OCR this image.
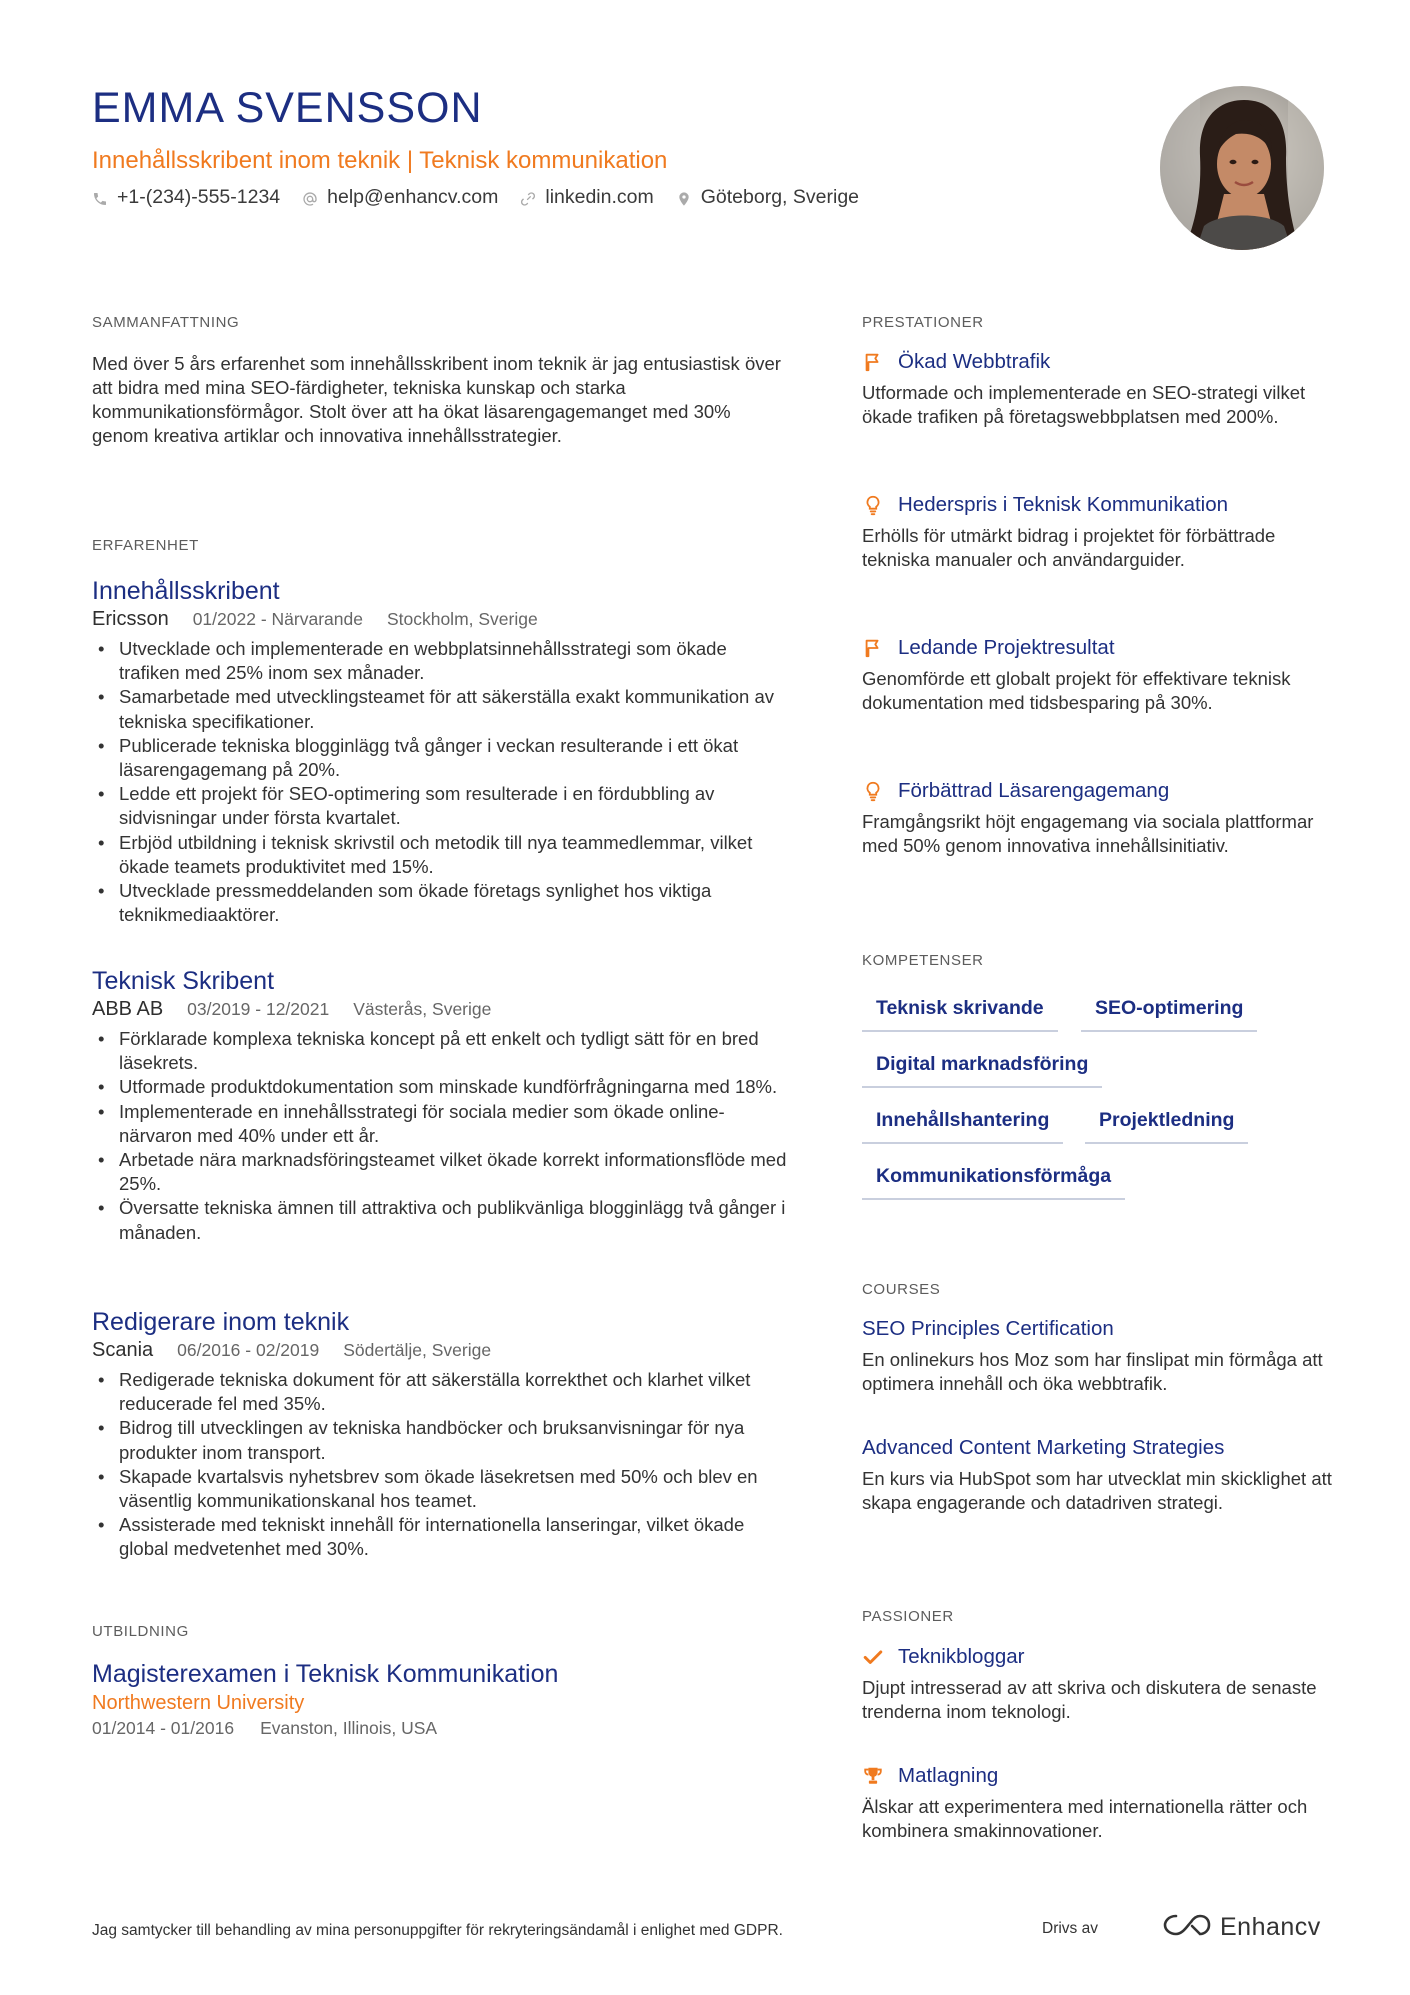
EMMA SVENSSON
Innehållsskribent inom teknik | Teknisk kommunikation
+1-(234)-555-1234 help@enhancv.com linkedin.com Göteborg, Sverige
SAMMANFATTNING

Med över 5 års erfarenhet som innehållsskribent inom teknik är jag entusiastisk över att bidra med mina SEO-färdigheter, tekniska kunskap och starka kommunikationsförmågor. Stolt över att ha ökat läsarengagemanget med 30% genom kreativa artiklar och innovativa innehållsstrategier.

ERFARENHET
Innehållsskribent
Ericsson 01/2022 - Närvarande Stockholm, Sverige
• Utvecklade och implementerade en webbplatsinnehållsstrategi som ökade trafiken med 25% inom sex månader.
• Samarbetade med utvecklingsteamet för att säkerställa exakt kommunikation av tekniska specifikationer.
• Publicerade tekniska blogginlägg två gånger i veckan resulterande i ett ökat läsarengagemang på 20%.
• Ledde ett projekt för SEO-optimering som resulterade i en fördubbling av sidvisningar under första kvartalet.
• Erbjöd utbildning i teknisk skrivstil och metodik till nya teammedlemmar, vilket ökade teamets produktivitet med 15%.
• Utvecklade pressmeddelanden som ökade företags synlighet hos viktiga teknikmediaaktörer.
Teknisk Skribent
ABB AB 03/2019 - 12/2021 Västerås, Sverige
• Förklarade komplexa tekniska koncept på ett enkelt och tydligt sätt för en bred läsekrets.
• Utformade produktdokumentation som minskade kundförfrågningarna med 18%.
• Implementerade en innehållsstrategi för sociala medier som ökade online-närvaron med 40% under ett år.
• Arbetade nära marknadsföringsteamet vilket ökade korrekt informationsflöde med 25%.
• Översatte tekniska ämnen till attraktiva och publikvänliga blogginlägg två gånger i månaden.
Redigerare inom teknik
Scania 06/2016 - 02/2019 Södertälje, Sverige
• Redigerade tekniska dokument för att säkerställa korrekthet och klarhet vilket reducerade fel med 35%.
• Bidrog till utvecklingen av tekniska handböcker och bruksanvisningar för nya produkter inom transport.
• Skapade kvartalsvis nyhetsbrev som ökade läsekretsen med 50% och blev en väsentlig kommunikationskanal hos teamet.
• Assisterade med tekniskt innehåll för internationella lanseringar, vilket ökade global medvetenhet med 30%.
UTBILDNING
Magisterexamen i Teknisk Kommunikation
Northwestern University
01/2014 - 01/2016 Evanston, Illinois, USA
PRESTATIONER
Ökad Webbtrafik
Utformade och implementerade en SEO-strategi vilket ökade trafiken på företagswebbplatsen med 200%.
Hederspris i Teknisk Kommunikation
Erhölls för utmärkt bidrag i projektet för förbättrade tekniska manualer och användarguider.
Ledande Projektresultat
Genomförde ett globalt projekt för effektivare teknisk dokumentation med tidsbesparing på 30%.
Förbättrad Läsarengagemang
Framgångsrikt höjt engagemang via sociala plattformar med 50% genom innovativa innehållsinitiativ.
KOMPETENSER
Teknisk skrivande	SEO-optimering
Digital marknadsföring
Innehållshantering	Projektledning
Kommunikationsförmåga
COURSES
SEO Principles Certification
En onlinekurs hos Moz som har finslipat min förmåga att optimera innehåll och öka webbtrafik.
Advanced Content Marketing Strategies
En kurs via HubSpot som har utvecklat min skicklighet att skapa engagerande och datadriven strategi.
PASSIONER
Teknikbloggar
Djupt intresserad av att skriva och diskutera de senaste trenderna inom teknologi.
Matlagning
Älskar att experimentera med internationella rätter och kombinera smakinnovationer.
Jag samtycker till behandling av mina personuppgifter för rekryteringsändamål i enlighet med GDPR.	Drivs av	Enhancv
